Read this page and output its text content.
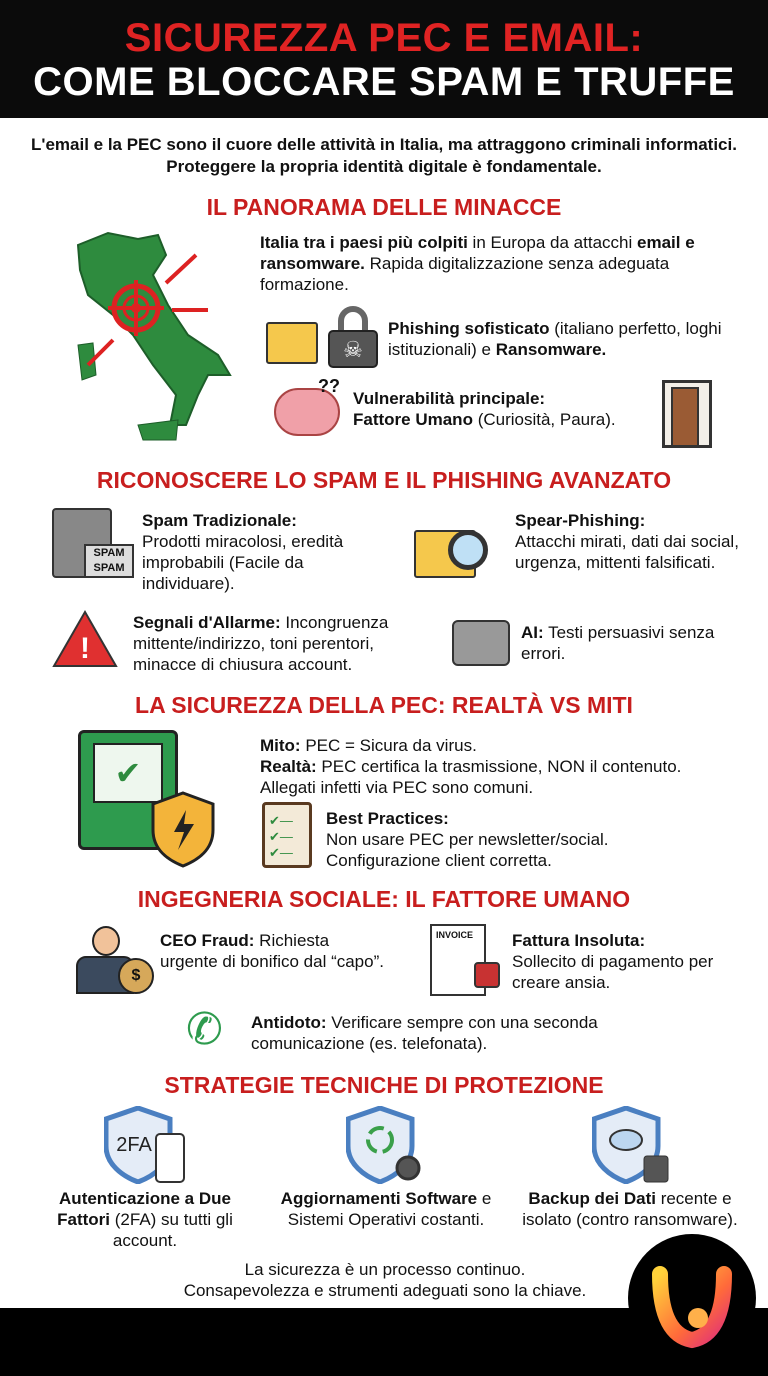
SICUREZZA PEC E EMAIL:
COME BLOCCARE SPAM E TRUFFE
L'email e la PEC sono il cuore delle attività in Italia, ma attraggono criminali informatici. Proteggere la propria identità digitale è fondamentale.
IL PANORAMA DELLE MINACCE
Italia tra i paesi più colpiti in Europa da attacchi email e ransomware. Rapida digitalizzazione senza adeguata formazione.
☠
Phishing sofisticato (italiano perfetto, loghi istituzionali) e Ransomware.
??
Vulnerabilità principale:
Fattore Umano (Curiosità, Paura).
RICONOSCERE LO SPAM E IL PHISHING AVANZATO
SPAM
SPAM
Spam Tradizionale:
Prodotti miracolosi, eredità improbabili (Facile da individuare).
Spear-Phishing:
Attacchi mirati, dati dai social, urgenza, mittenti falsificati.
!
Segnali d'Allarme: Incongruenza mittente/indirizzo, toni perentori, minacce di chiusura account.
AI: Testi persuasivi senza errori.
LA SICUREZZA DELLA PEC: REALTÀ VS MITI
✔
Mito: PEC = Sicura da virus.
Realtà: PEC certifica la trasmissione, NON il contenuto. Allegati infetti via PEC sono comuni.
✔—
✔—
✔—
Best Practices:
Non usare PEC per newsletter/social. Configurazione client corretta.
INGEGNERIA SOCIALE: IL FATTORE UMANO
$
CEO Fraud: Richiesta urgente di bonifico dal “capo”.
INVOICE	Fattura Insoluta:
Sollecito di pagamento per creare ansia.
✆	Antidoto: Verificare sempre con una seconda comunicazione (es. telefonata).
STRATEGIE TECNICHE DI PROTEZIONE
2FA
Autenticazione a Due Fattori (2FA) su tutti gli account.
Aggiornamenti Software e Sistemi Operativi costanti.
Backup dei Dati recente e isolato (contro ransomware).
La sicurezza è un processo continuo.
Consapevolezza e strumenti adeguati sono la chiave.
